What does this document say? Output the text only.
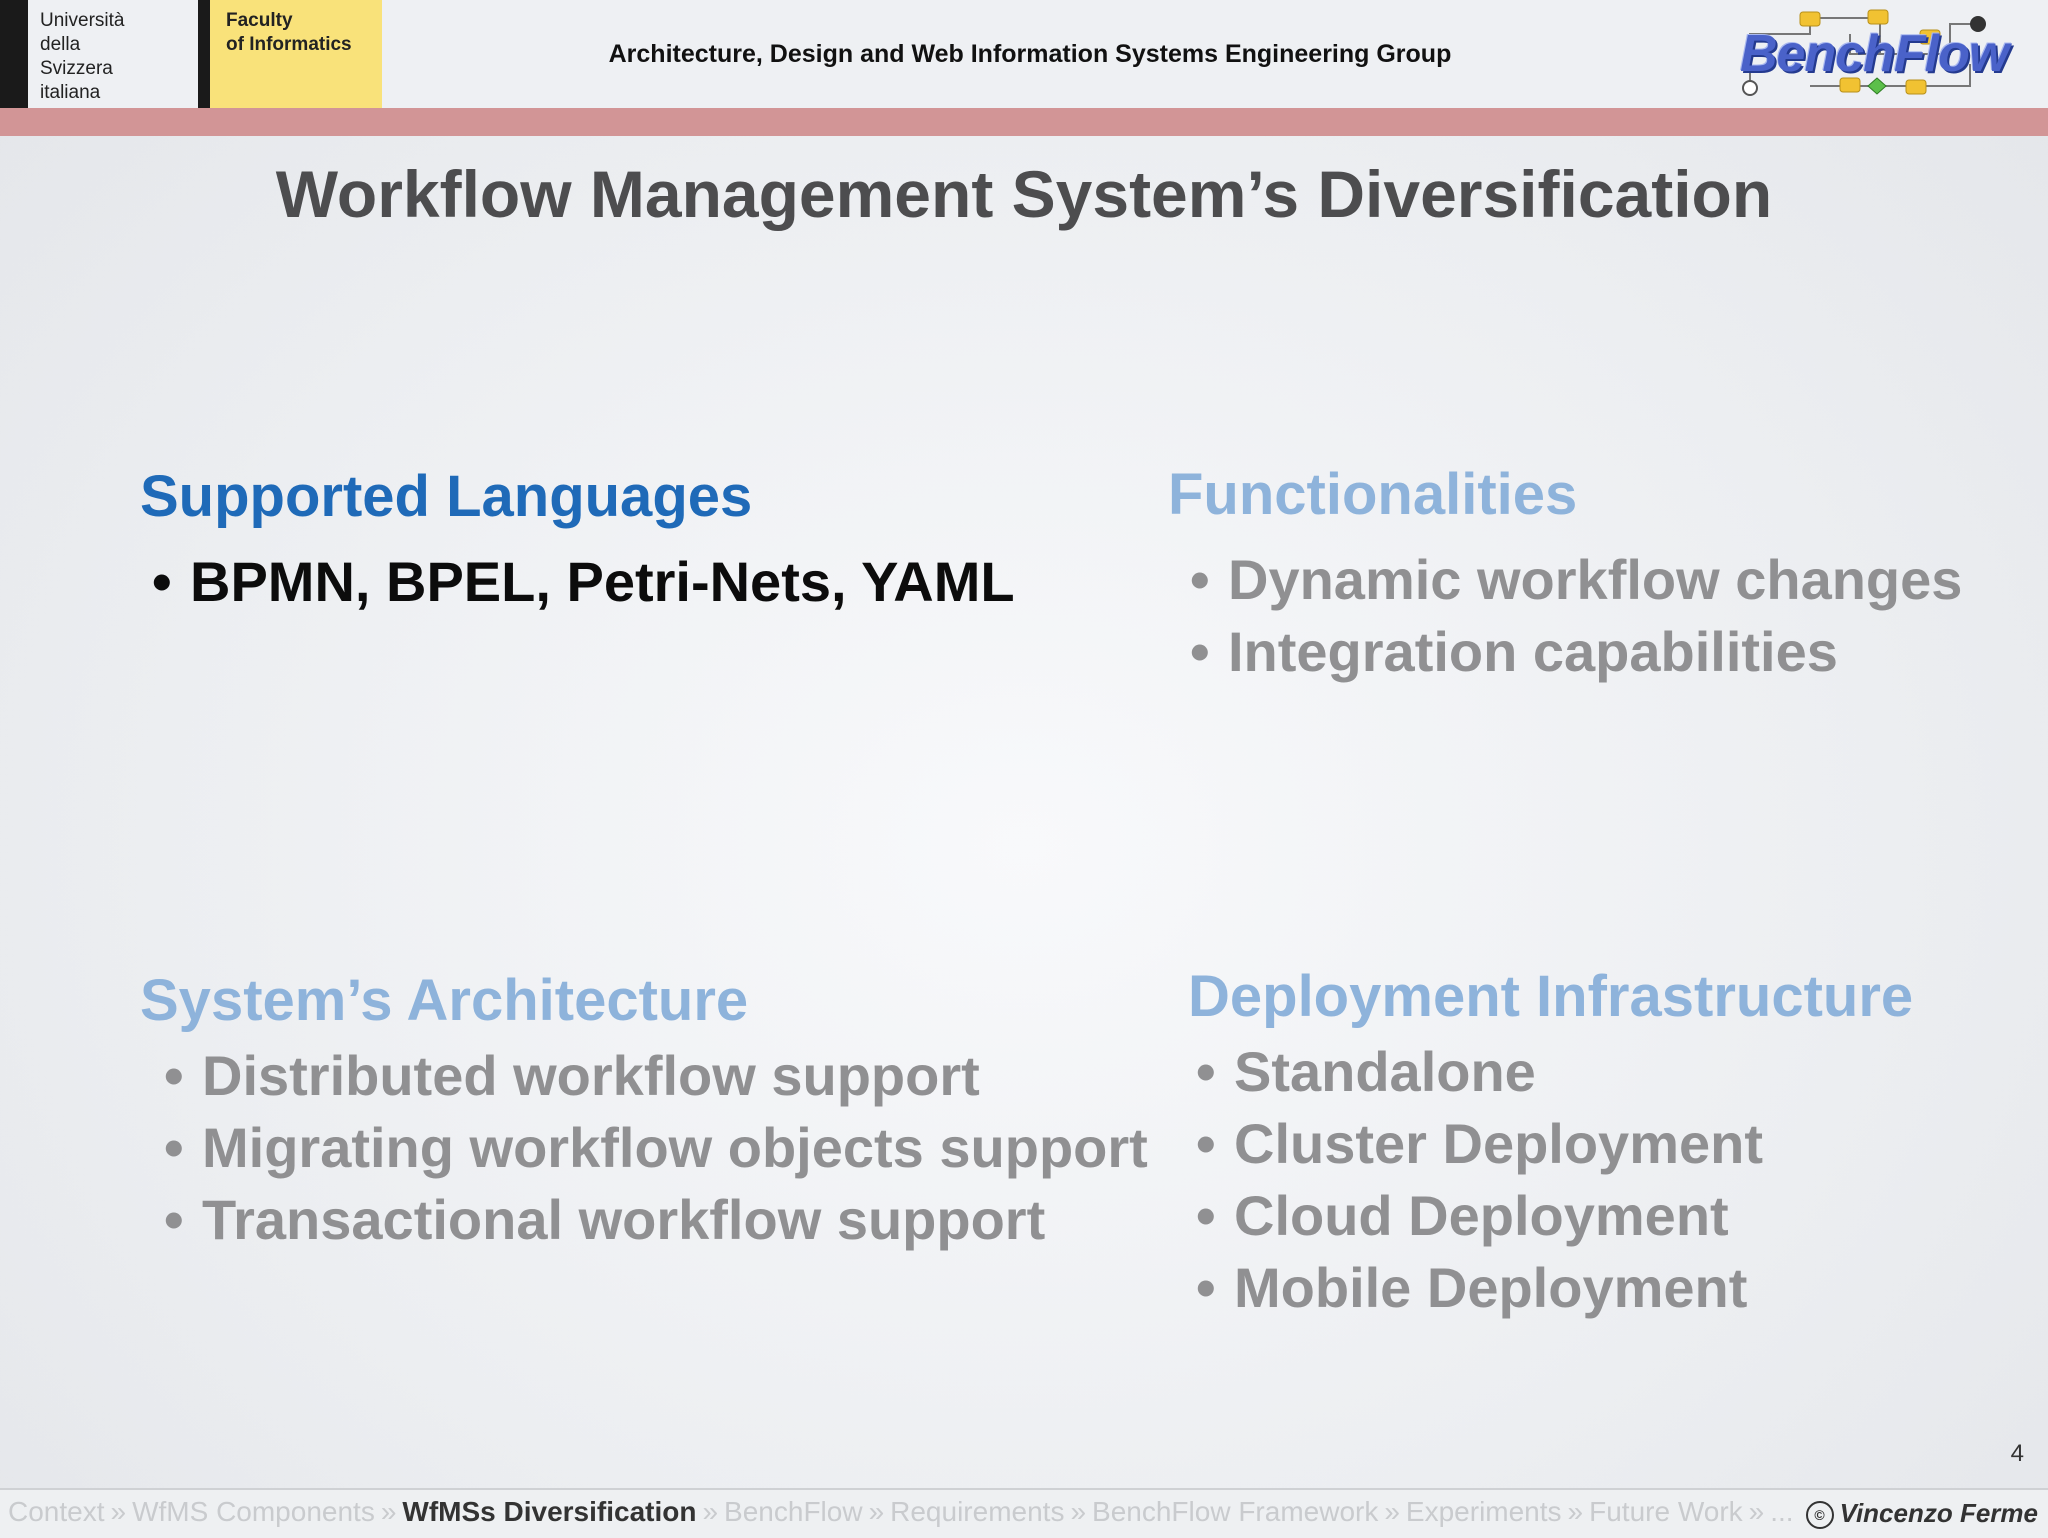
Università
della
Svizzera
italiana
Faculty
of Informatics	Architecture, Design and Web Information Systems Engineering Group	BenchFlow
Workflow Management System’s Diversification
Supported Languages
• BPMN, BPEL, Petri-Nets, YAML
Functionalities
• Dynamic workflow changes
• Integration capabilities
System’s Architecture
• Distributed workflow support
• Migrating workflow objects support
• Transactional workflow support
Deployment Infrastructure
• Standalone
• Cluster Deployment
• Cloud Deployment
• Mobile Deployment
4
Context » WfMS Components » WfMSs Diversification » BenchFlow » Requirements » BenchFlow Framework » Experiments » Future Work » ...	© Vincenzo Ferme
